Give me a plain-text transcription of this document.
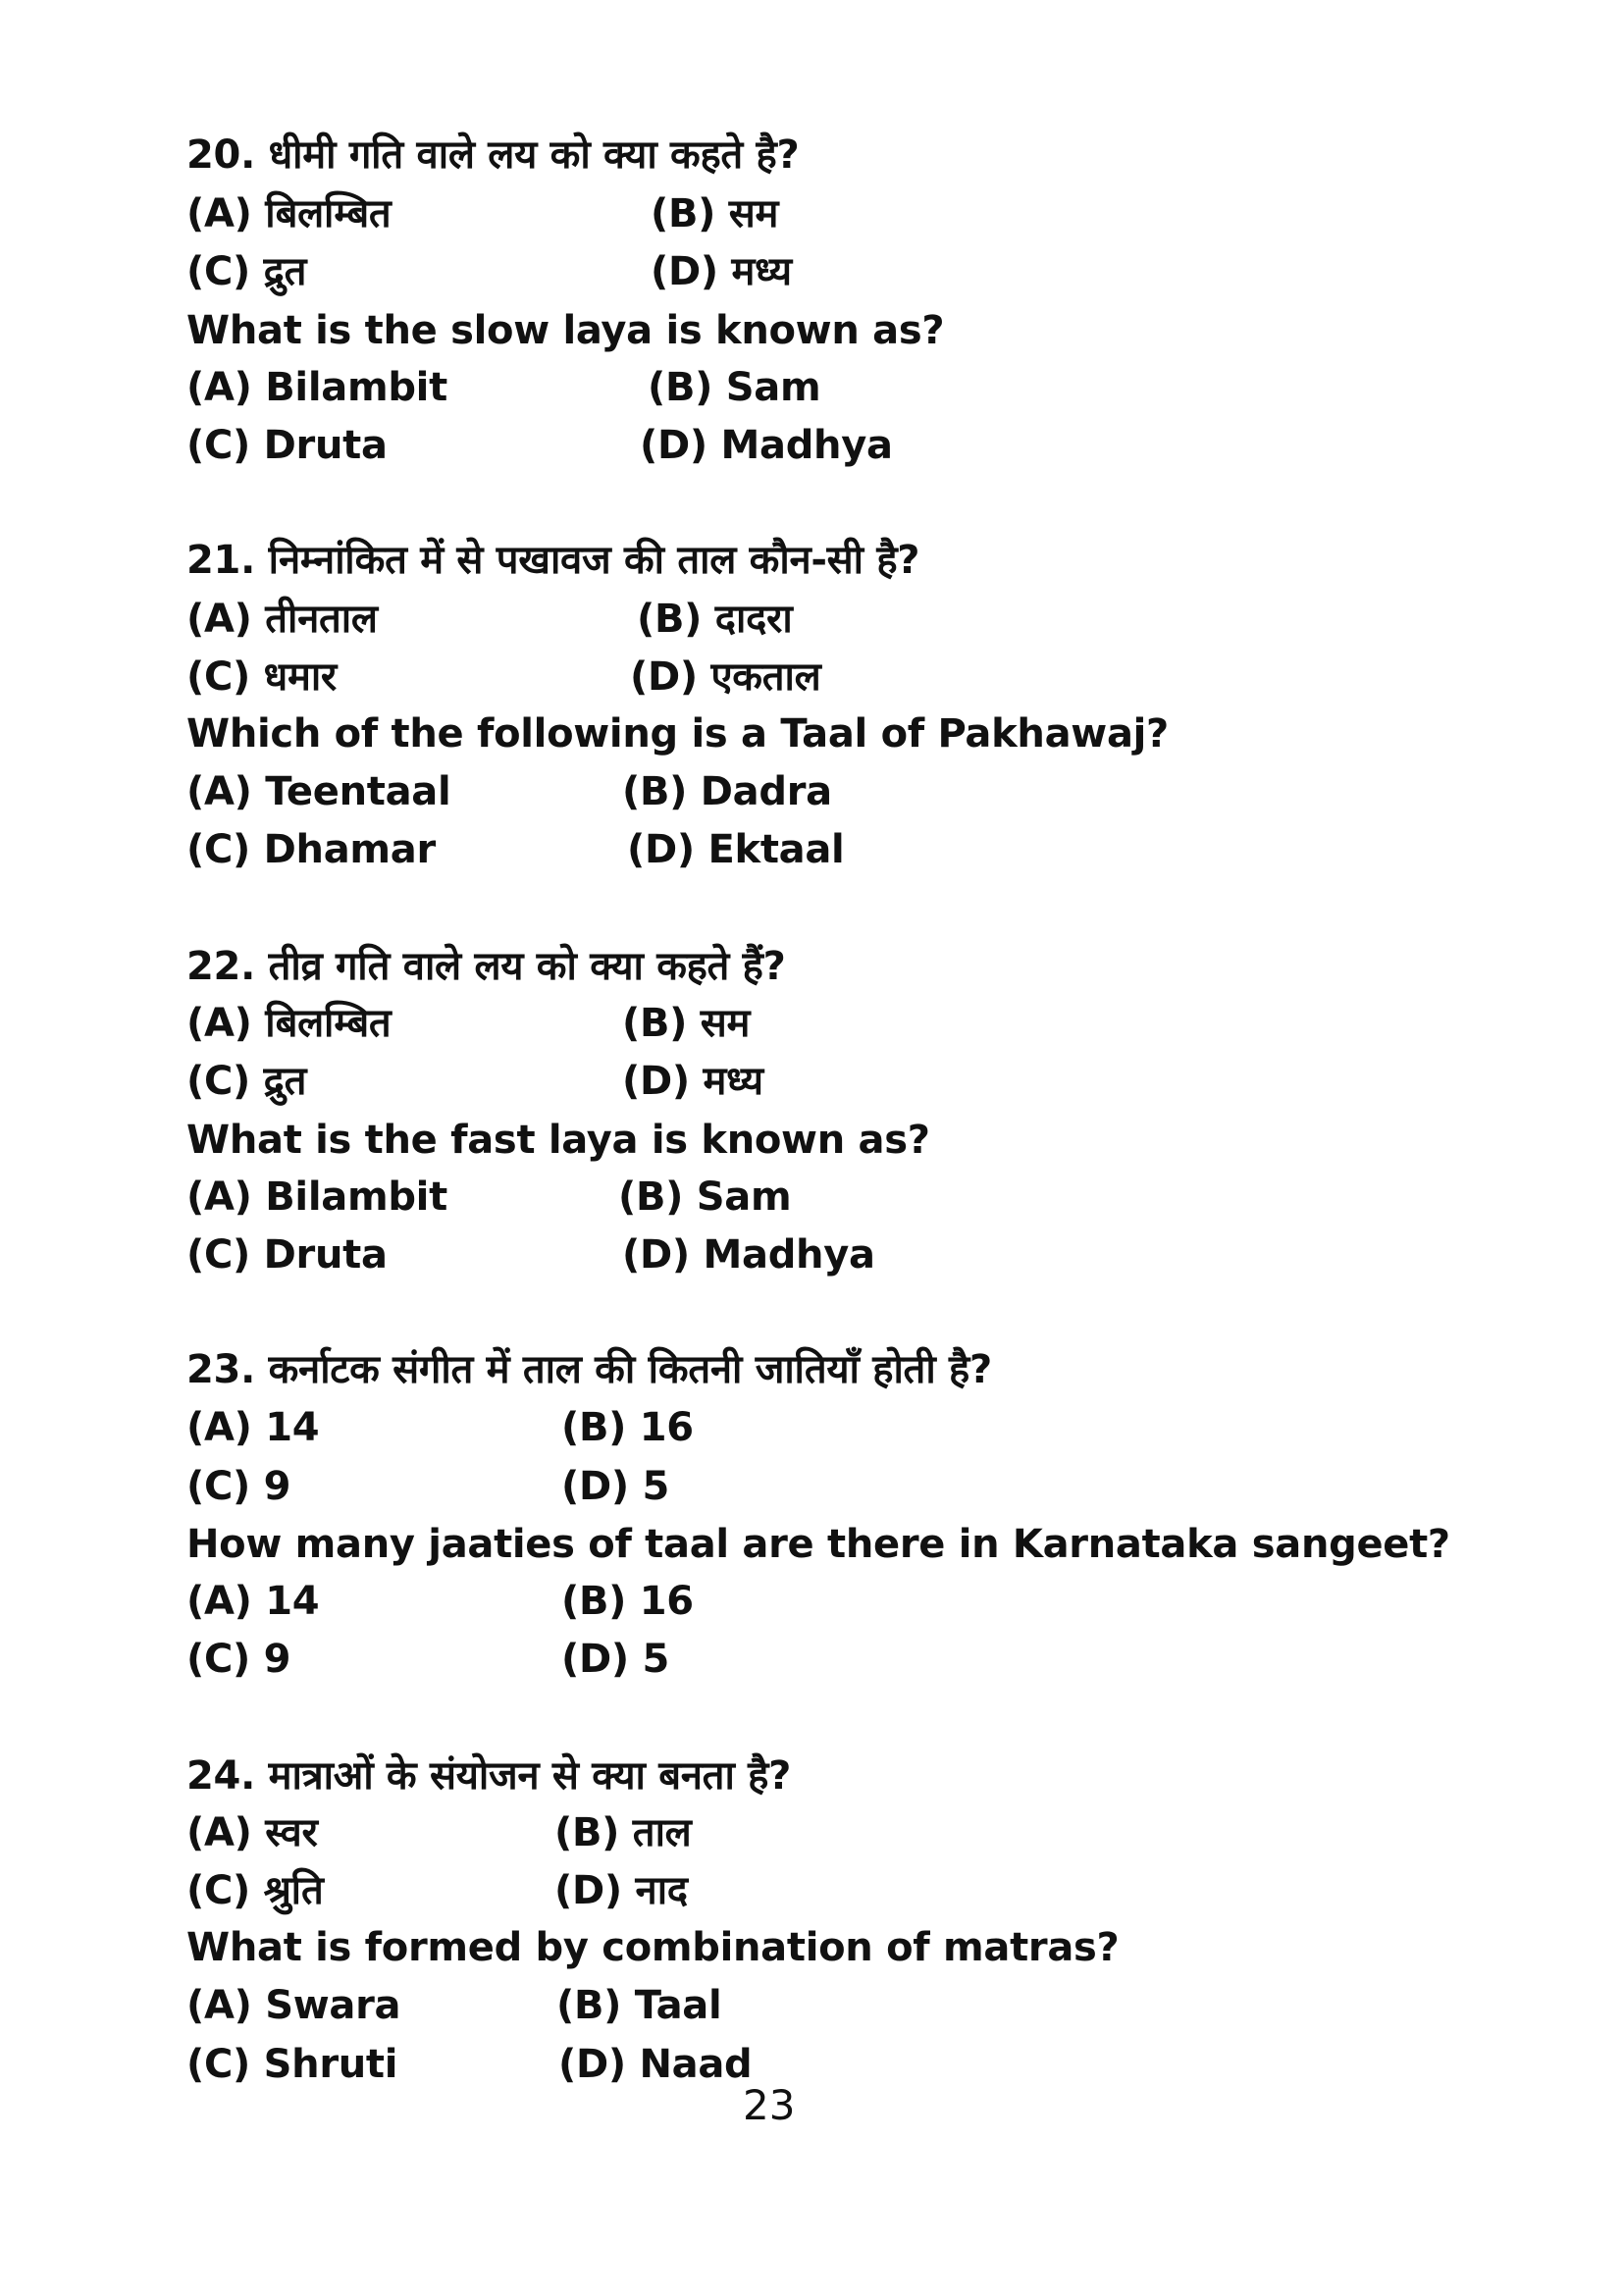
20. धीमी गति वाले लय को क्या कहते है?
(A) बिलम्बित	(B) सम
(C) द्रुत	(D) मध्य
What is the slow laya is known as?
(A) Bilambit	(B) Sam
(C) Druta	(D) Madhya
21. निम्नांकित में से पखावज की ताल कौन-सी है?
(A) तीनताल	(B) दादरा
(C) धमार	(D) एकताल
Which of the following is a Taal of Pakhawaj?
(A) Teentaal	(B) Dadra
(C) Dhamar	(D) Ektaal
22. तीव्र गति वाले लय को क्या कहते हैं?
(A) बिलम्बित	(B) सम
(C) द्रुत	(D) मध्य
What is the fast laya is known as?
(A) Bilambit	(B) Sam
(C) Druta	(D) Madhya
23. कर्नाटक संगीत में ताल की कितनी जातियाँ होती है?
(A) 14	(B) 16
(C) 9	(D) 5
How many jaaties of taal are there in Karnataka sangeet?
(A) 14	(B) 16
(C) 9	(D) 5
24. मात्राओं के संयोजन से क्या बनता है?
(A) स्वर	(B) ताल
(C) श्रुति	(D) नाद
What is formed by combination of matras?
(A) Swara	(B) Taal
(C) Shruti	(D) Naad
23
